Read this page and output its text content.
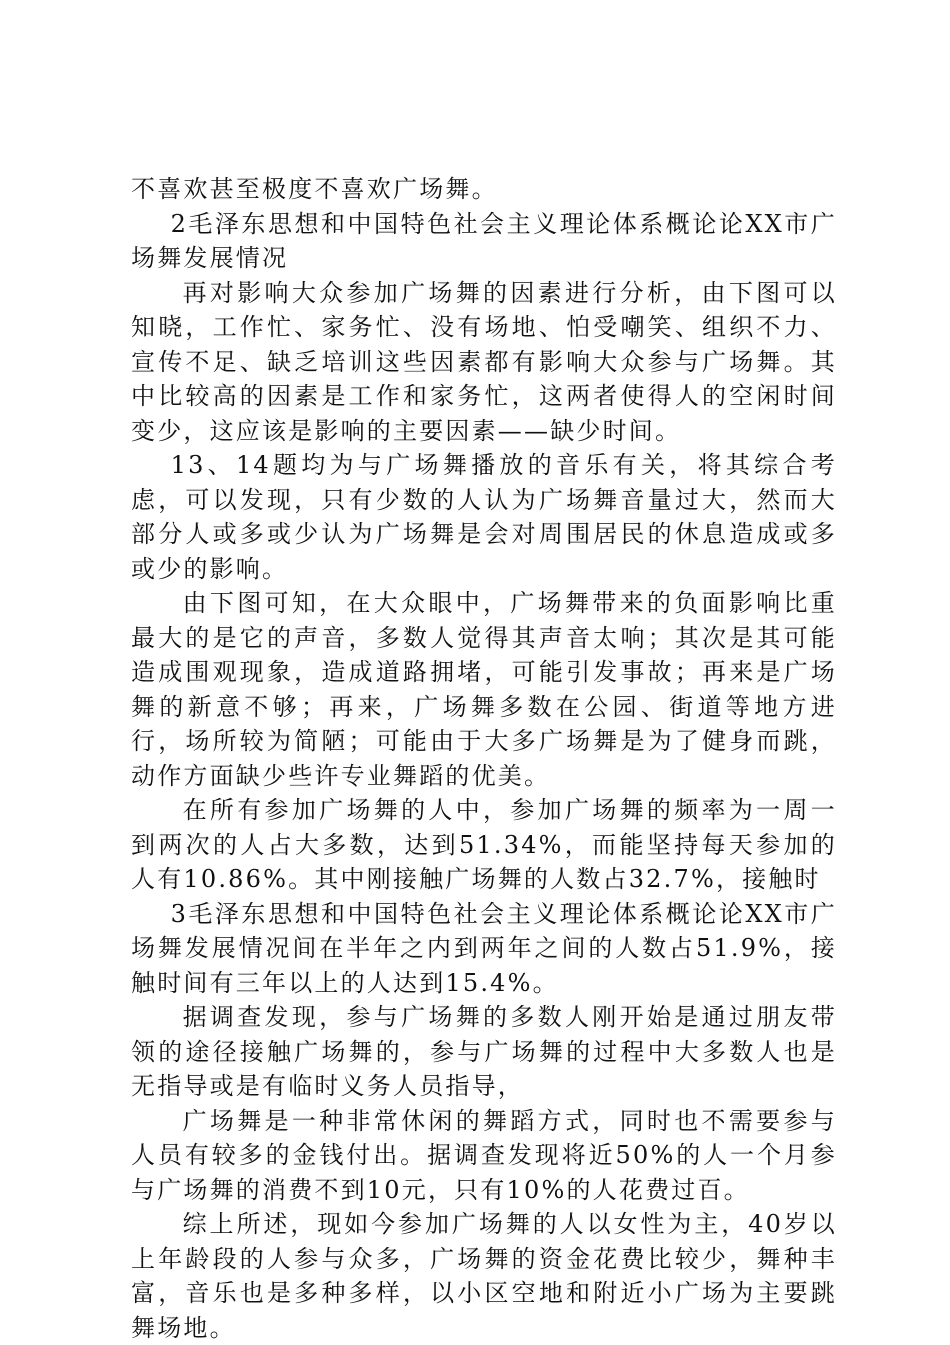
不喜欢甚至极度不喜欢广场舞。

2毛泽东思想和中国特色社会主义理论体系概论论XX市广场舞发展情况

再对影响大众参加广场舞的因素进行分析，由下图可以知晓，工作忙、家务忙、没有场地、怕受嘲笑、组织不力、宣传不足、缺乏培训这些因素都有影响大众参与广场舞。其中比较高的因素是工作和家务忙，这两者使得人的空闲时间变少，这应该是影响的主要因素——缺少时间。

13、14题均为与广场舞播放的音乐有关，将其综合考虑，可以发现，只有少数的人认为广场舞音量过大，然而大部分人或多或少认为广场舞是会对周围居民的休息造成或多或少的影响。

由下图可知，在大众眼中，广场舞带来的负面影响比重最大的是它的声音，多数人觉得其声音太响；其次是其可能造成围观现象，造成道路拥堵，可能引发事故；再来是广场舞的新意不够；再来，广场舞多数在公园、街道等地方进行，场所较为简陋；可能由于大多广场舞是为了健身而跳，动作方面缺少些许专业舞蹈的优美。

在所有参加广场舞的人中，参加广场舞的频率为一周一到两次的人占大多数，达到51.34%，而能坚持每天参加的人有10.86%。其中刚接触广场舞的人数占32.7%，接触时

3毛泽东思想和中国特色社会主义理论体系概论论XX市广场舞发展情况间在半年之内到两年之间的人数占51.9%，接触时间有三年以上的人达到15.4%。

据调查发现，参与广场舞的多数人刚开始是通过朋友带领的途径接触广场舞的，参与广场舞的过程中大多数人也是无指导或是有临时义务人员指导，

广场舞是一种非常休闲的舞蹈方式，同时也不需要参与人员有较多的金钱付出。据调查发现将近50%的人一个月参与广场舞的消费不到10元，只有10%的人花费过百。

综上所述，现如今参加广场舞的人以女性为主，40岁以上年龄段的人参与众多，广场舞的资金花费比较少，舞种丰富，音乐也是多种多样，以小区空地和附近小广场为主要跳舞场地。
